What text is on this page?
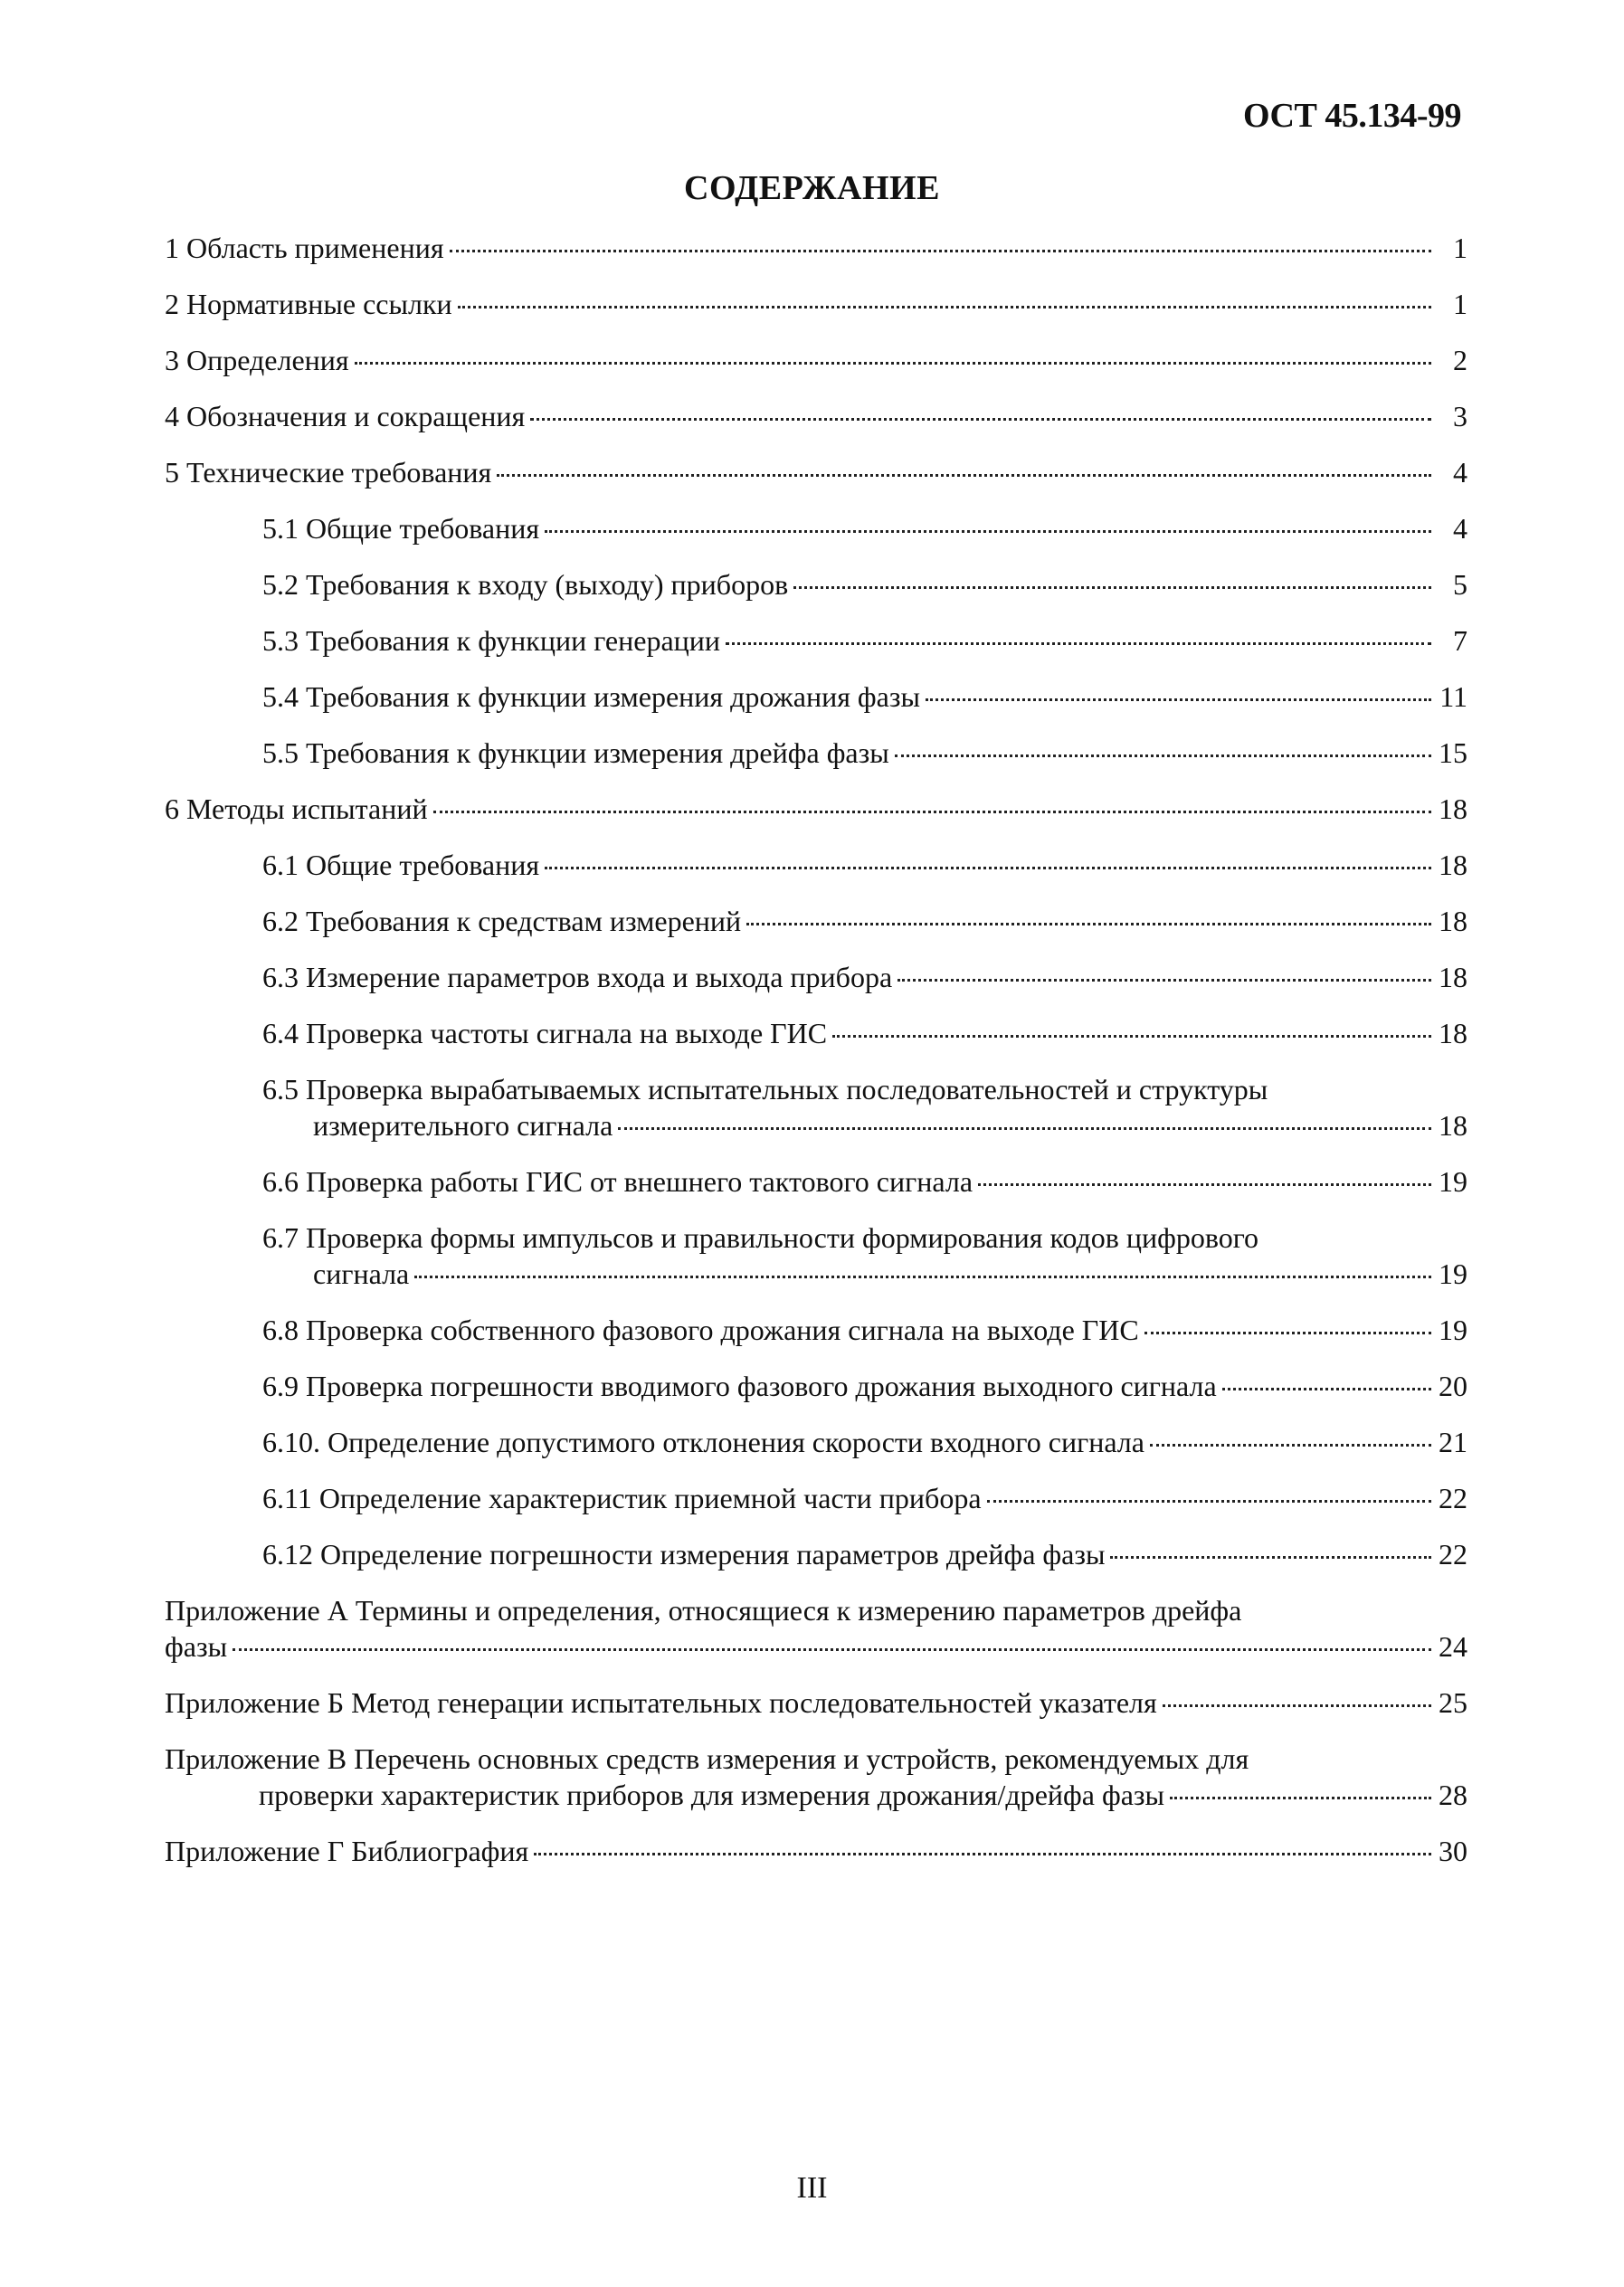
ОСТ 45.134-99
СОДЕРЖАНИЕ
1 Область применения	1
2 Нормативные ссылки	1
3 Определения	2
4 Обозначения и сокращения	3
5 Технические требования	4
5.1 Общие требования	4
5.2 Требования к входу (выходу) приборов	5
5.3 Требования к функции генерации	7
5.4 Требования к функции измерения дрожания фазы	11
5.5 Требования к функции измерения дрейфа фазы	15
6 Методы испытаний	18
6.1 Общие требования	18
6.2 Требования к средствам измерений	18
6.3 Измерение параметров входа и выхода прибора	18
6.4 Проверка частоты сигнала на выходе ГИС	18
6.5 Проверка вырабатываемых испытательных последовательностей и структуры
измерительного сигнала	18
6.6 Проверка работы ГИС от внешнего тактового сигнала	19
6.7 Проверка формы импульсов и правильности формирования кодов цифрового
сигнала	19
6.8 Проверка собственного фазового дрожания сигнала на выходе ГИС	19
6.9 Проверка погрешности вводимого фазового дрожания выходного сигнала	20
6.10. Определение допустимого отклонения скорости входного сигнала	21
6.11 Определение характеристик приемной части прибора	22
6.12 Определение погрешности измерения параметров дрейфа фазы	22
Приложение А Термины и определения, относящиеся к измерению параметров дрейфа
фазы	24
Приложение Б Метод генерации испытательных последовательностей указателя	25
Приложение В Перечень основных средств измерения и устройств, рекомендуемых для
проверки характеристик приборов для измерения дрожания/дрейфа фазы	28
Приложение Г Библиография	30
III
